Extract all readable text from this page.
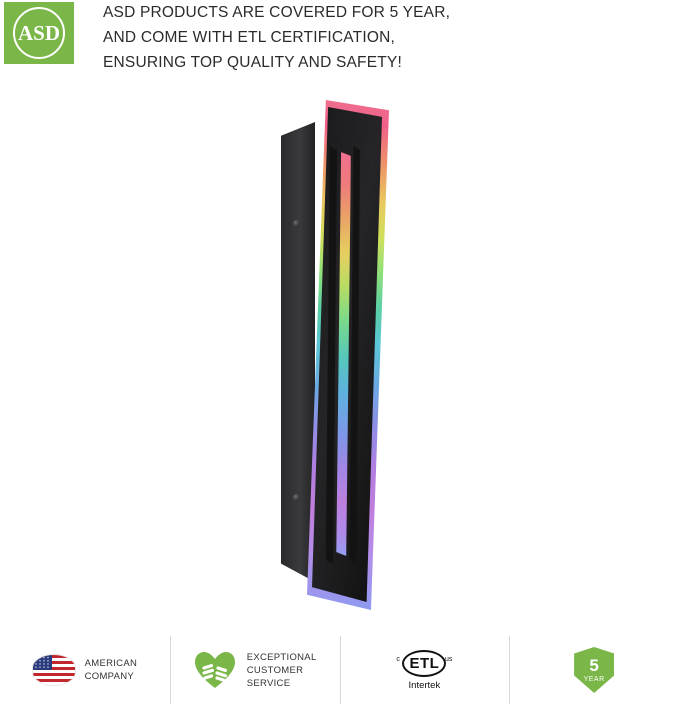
ASD
ASD PRODUCTS ARE COVERED FOR 5 YEAR,
AND COME WITH ETL CERTIFICATION,
ENSURING TOP QUALITY AND SAFETY!
AMERICAN
COMPANY
EXCEPTIONAL
CUSTOMER
SERVICE
c	us
ETL
Intertek
5
YEAR
